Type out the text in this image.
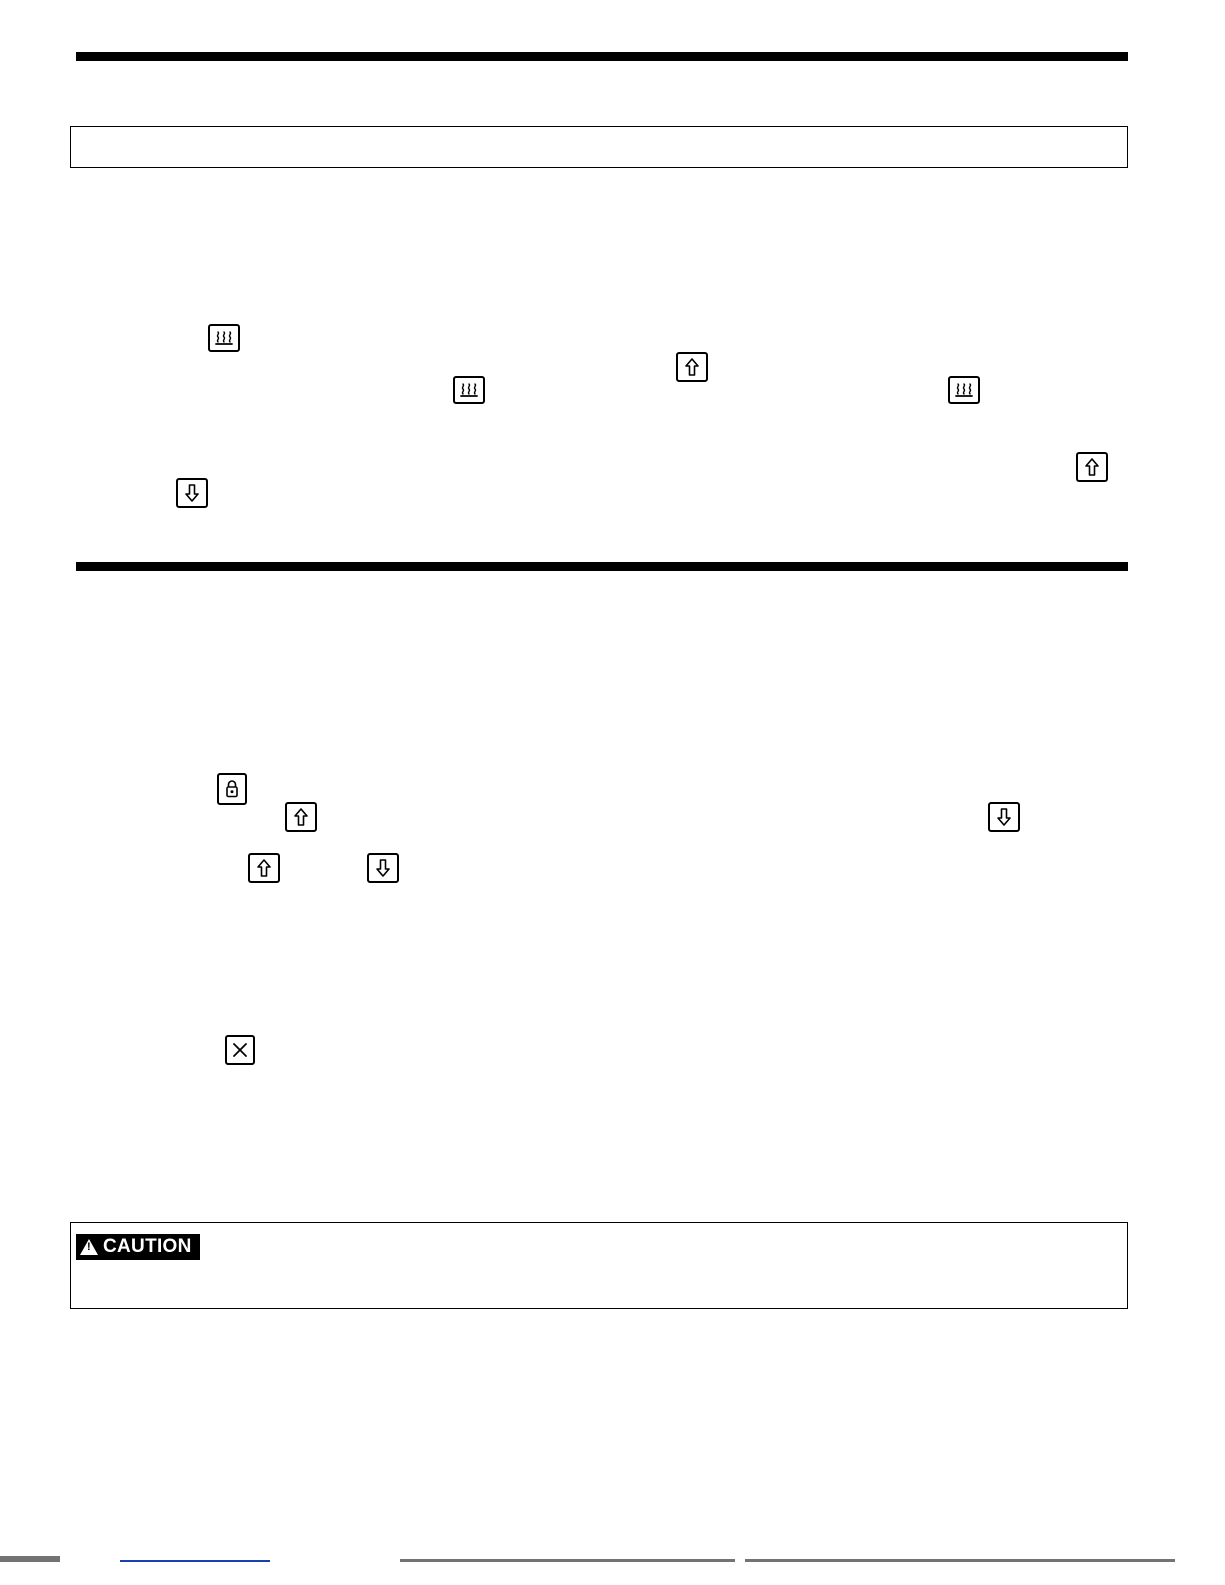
!
CAUTION
